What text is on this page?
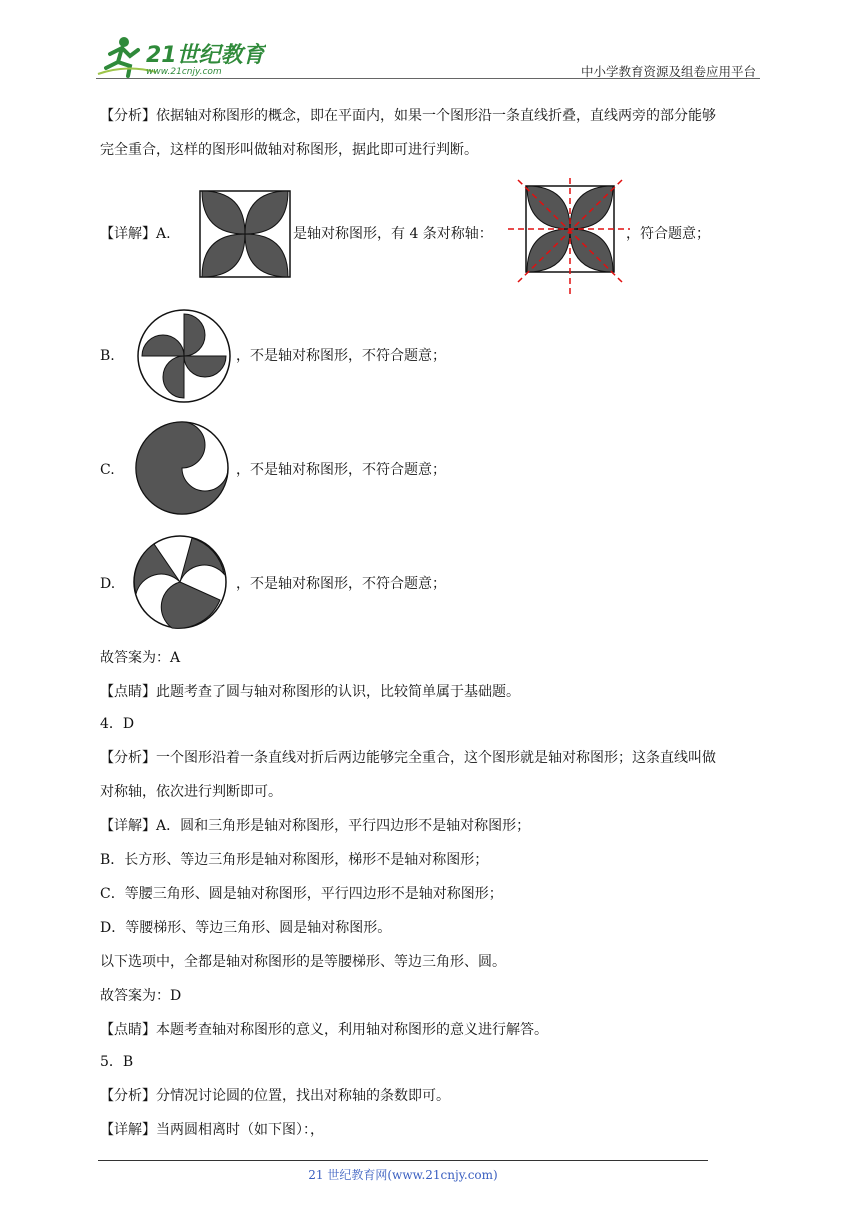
21世纪教育
www.21cnjy.com	中小学教育资源及组卷应用平台
【分析】依据轴对称图形的概念，即在平面内，如果一个图形沿一条直线折叠，直线两旁的部分能够
完全重合，这样的图形叫做轴对称图形，据此即可进行判断。
【详解】A.	是轴对称图形，有 4 条对称轴：	，符合题意；
B.	，不是轴对称图形，不符合题意；
C.	，不是轴对称图形，不符合题意；
D.	，不是轴对称图形，不符合题意；
故答案为：A
【点睛】此题考查了圆与轴对称图形的认识，比较简单属于基础题。
4．D
【分析】一个图形沿着一条直线对折后两边能够完全重合，这个图形就是轴对称图形；这条直线叫做
对称轴，依次进行判断即可。
【详解】A．圆和三角形是轴对称图形，平行四边形不是轴对称图形；
B．长方形、等边三角形是轴对称图形，梯形不是轴对称图形；
C．等腰三角形、圆是轴对称图形，平行四边形不是轴对称图形；
D．等腰梯形、等边三角形、圆是轴对称图形。
以下选项中，全都是轴对称图形的是等腰梯形、等边三角形、圆。
故答案为：D
【点睛】本题考查轴对称图形的意义，利用轴对称图形的意义进行解答。
5．B
【分析】分情况讨论圆的位置，找出对称轴的条数即可。
【详解】当两圆相离时（如下图）：，
21 世纪教育网(www.21cnjy.com)
